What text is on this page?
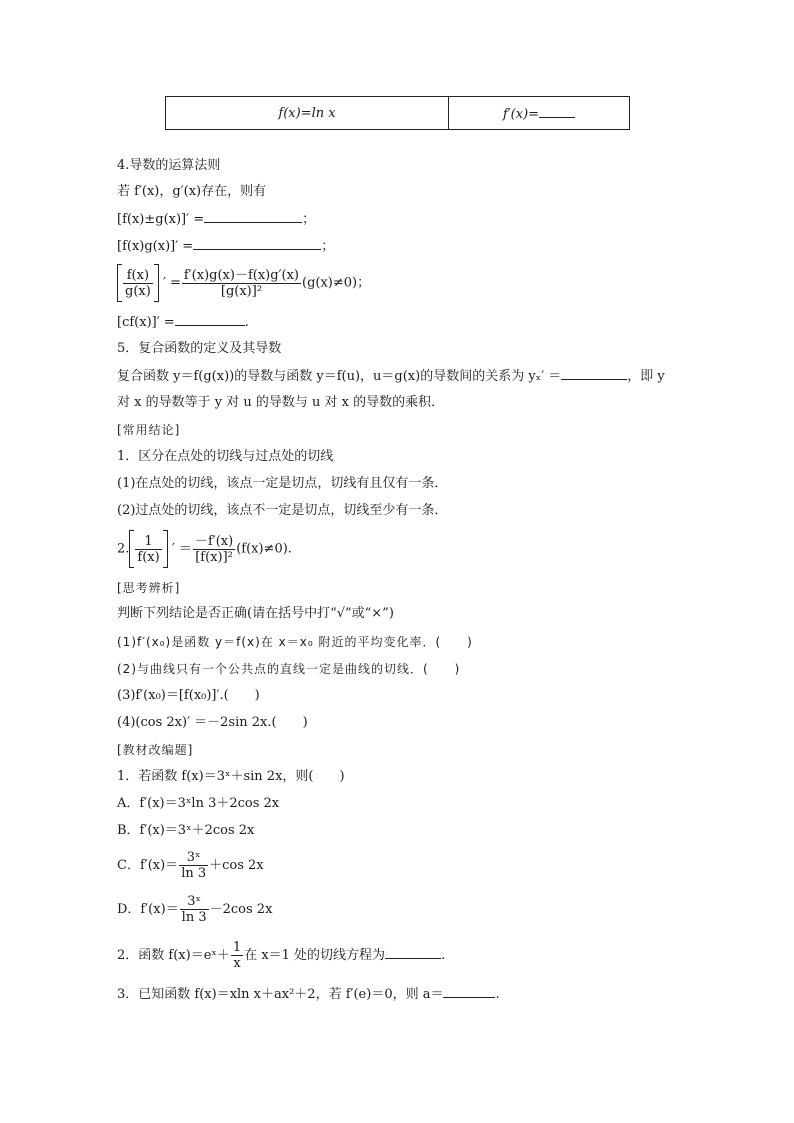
f(x)=ln x	f′(x)=
4.导数的运算法则
若 f′(x)，g′(x)存在，则有
[f(x)±g(x)]′ =	；
[f(x)g(x)]′ =	；
$\frac{f(x)}{g(x)}$ ′ = $\frac{f'(x)g(x)-f(x)g'(x)}{\text{[g(x)]²}} (g(x)\ne 0)$；
[cf(x)]′ =	.
5．复合函数的定义及其导数
复合函数 y＝f(g(x))的导数与函数 y＝f(u)，u＝g(x)的导数间的关系为 yₓ′ ＝	，即 y
对 x 的导数等于 y 对 u 的导数与 u 对 x 的导数的乘积．
[常用结论]
1．区分在点处的切线与过点处的切线
(1)在点处的切线，该点一定是切点，切线有且仅有一条．
(2)过点处的切线，该点不一定是切点，切线至少有一条．
2. $\frac{1}{f(x)}$ ′ ＝ $\frac{-f'(x)}{\text{[f(x)]²}} (f(x)\ne 0)$.
[思考辨析]
判断下列结论是否正确(请在括号中打“√”或“×”)
(1)f′(x₀)是函数 y＝f(x)在 x＝x₀ 附近的平均变化率．(　　)
(2)与曲线只有一个公共点的直线一定是曲线的切线．(　　)
(3)f′(x₀)＝[f(x₀)]′.(　　)
(4)(cos 2x)′ ＝－2sin 2x.(　　)
[教材改编题]
1．若函数 f(x)＝3ˣ＋sin 2x，则(　　)
A．f′(x)＝3ˣln 3＋2cos 2x
B．f′(x)＝3ˣ＋2cos 2x
C．$f'(x)= \frac{\text{3ˣ}}{\ln 3} +\cos$ 2x
D．$f'(x)= \frac{\text{3ˣ}}{\ln 3} -2\cos$ 2x
2．函数 f(x)＝eˣ＋ $\frac{1}{x}$ 在 x＝1 处的切线方程为	.
3．已知函数 f(x)＝xln x＋ax²＋2，若 f′(e)＝0，则 a＝	.
